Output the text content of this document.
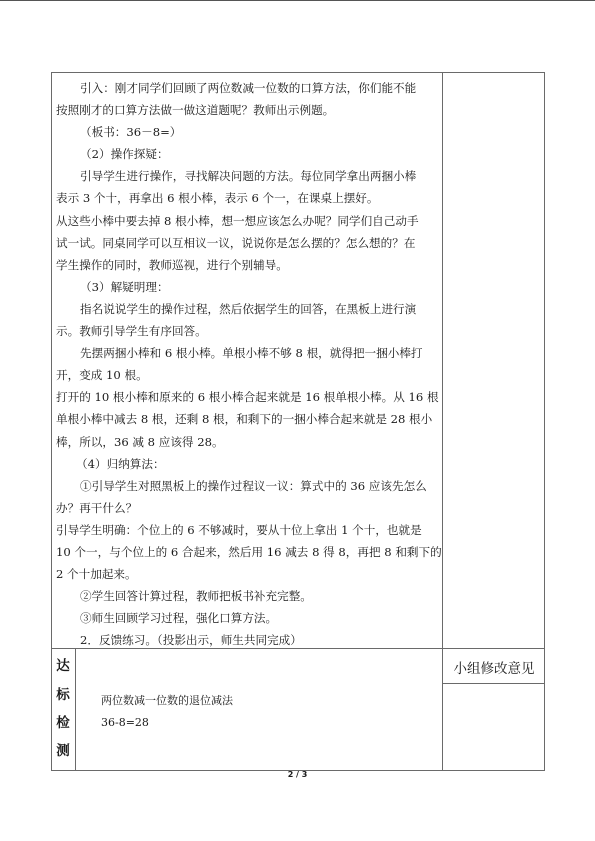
引入：刚才同学们回顾了两位数减一位数的口算方法，你们能不能

按照刚才的口算方法做一做这道题呢？教师出示例题。

（板书：36－8=）

（2）操作探疑：

引导学生进行操作，寻找解决问题的方法。每位同学拿出两捆小棒

表示 3 个十，再拿出 6 根小棒，表示 6 个一，在课桌上摆好。

从这些小棒中要去掉 8 根小棒，想一想应该怎么办呢？同学们自己动手

试一试。同桌同学可以互相议一议，说说你是怎么摆的？怎么想的？在

学生操作的同时，教师巡视，进行个别辅导。

（3）解疑明理：

指名说说学生的操作过程，然后依据学生的回答，在黑板上进行演

示。教师引导学生有序回答。

先摆两捆小棒和 6 根小棒。单根小棒不够 8 根，就得把一捆小棒打

开，变成 10 根。

打开的 10 根小棒和原来的 6 根小棒合起来就是 16 根单根小棒。从 16 根

单根小棒中减去 8 根，还剩 8 根，和剩下的一捆小棒合起来就是 28 根小

棒，所以，36 减 8 应该得 28。

（4）归纳算法：

①引导学生对照黑板上的操作过程议一议：算式中的 36 应该先怎么

办？再干什么？

引导学生明确：个位上的 6 不够减时，要从十位上拿出 1 个十，也就是

10 个一，与个位上的 6 合起来，然后用 16 减去 8 得 8，再把 8 和剩下的

2 个十加起来。

②学生回答计算过程，教师把板书补充完整。

③师生回顾学习过程，强化口算方法。

2．反馈练习。（投影出示，师生共同完成）

达
标
检
测

两位数减一位数的退位减法

36-8=28

小组修改意见
2 / 3
